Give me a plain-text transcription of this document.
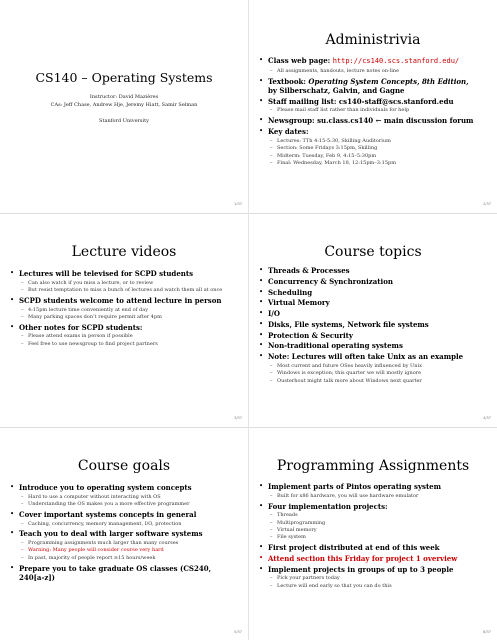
CS140 – Operating Systems
Instructor: David Mazières
CAs: Jeff Chase, Andrew Hje, Jeremy Hiatt, Samir Selman
Stanford University
1/37
Administrivia
• Class web page: http://cs140.scs.stanford.edu/
– All assignments, handouts, lecture notes on-line
• Textbook: Operating System Concepts, 8th Edition,
by Silberschatz, Galvin, and Gagne
• Staff mailing list: cs140-staff@scs.stanford.edu
– Please mail staff list rather than individuals for help
• Newsgroup: su.class.cs140 ← main discussion forum
• Key dates:
– Lectures: TTh 4:15-5:30, Skilling Auditorium
– Section: Some Fridays 3:15pm, Skilling
– Midterm: Tuesday, Feb 9, 4:15–5:30pm
– Final: Wednesday, March 18, 12:15pm–3:15pm
2/37
Lecture videos
• Lectures will be televised for SCPD students
– Can also watch if you miss a lecture, or to review
– But resist temptation to miss a bunch of lectures and watch them all at once
• SCPD students welcome to attend lecture in person
– 4:15pm lecture time conveniently at end of day
– Many parking spaces don’t require permit after 4pm
• Other notes for SCPD students:
– Please attend exams in person if possible
– Feel free to use newsgroup to find project partners
3/37
Course topics
• Threads & Processes
• Concurrency & Synchronization
• Scheduling
• Virtual Memory
• I/O
• Disks, File systems, Network file systems
• Protection & Security
• Non-traditional operating systems
• Note: Lectures will often take Unix as an example
– Most current and future OSes heavily influenced by Unix
– Windows is exception; this quarter we will mostly ignore
– Ousterhout might talk more about Windows next quarter
4/37
Course goals
• Introduce you to operating system concepts
– Hard to use a computer without interacting with OS
– Understanding the OS makes you a more effective programmer
• Cover important systems concepts in general
– Caching, concurrency, memory management, I/O, protection
• Teach you to deal with larger software systems
– Programming assignments much larger than many courses
– Warning: Many people will consider course very hard
– In past, majority of people report ≥15 hours/week
• Prepare you to take graduate OS classes (CS240, 240[a-z])
5/37
Programming Assignments
• Implement parts of Pintos operating system
– Built for x86 hardware, you will use hardware emulator
• Four implementation projects:
– Threads
– Multiprogramming
– Virtual memory
– File system
• First project distributed at end of this week
• Attend section this Friday for project 1 overview
• Implement projects in groups of up to 3 people
– Pick your partners today
– Lecture will end early so that you can do this
6/37
